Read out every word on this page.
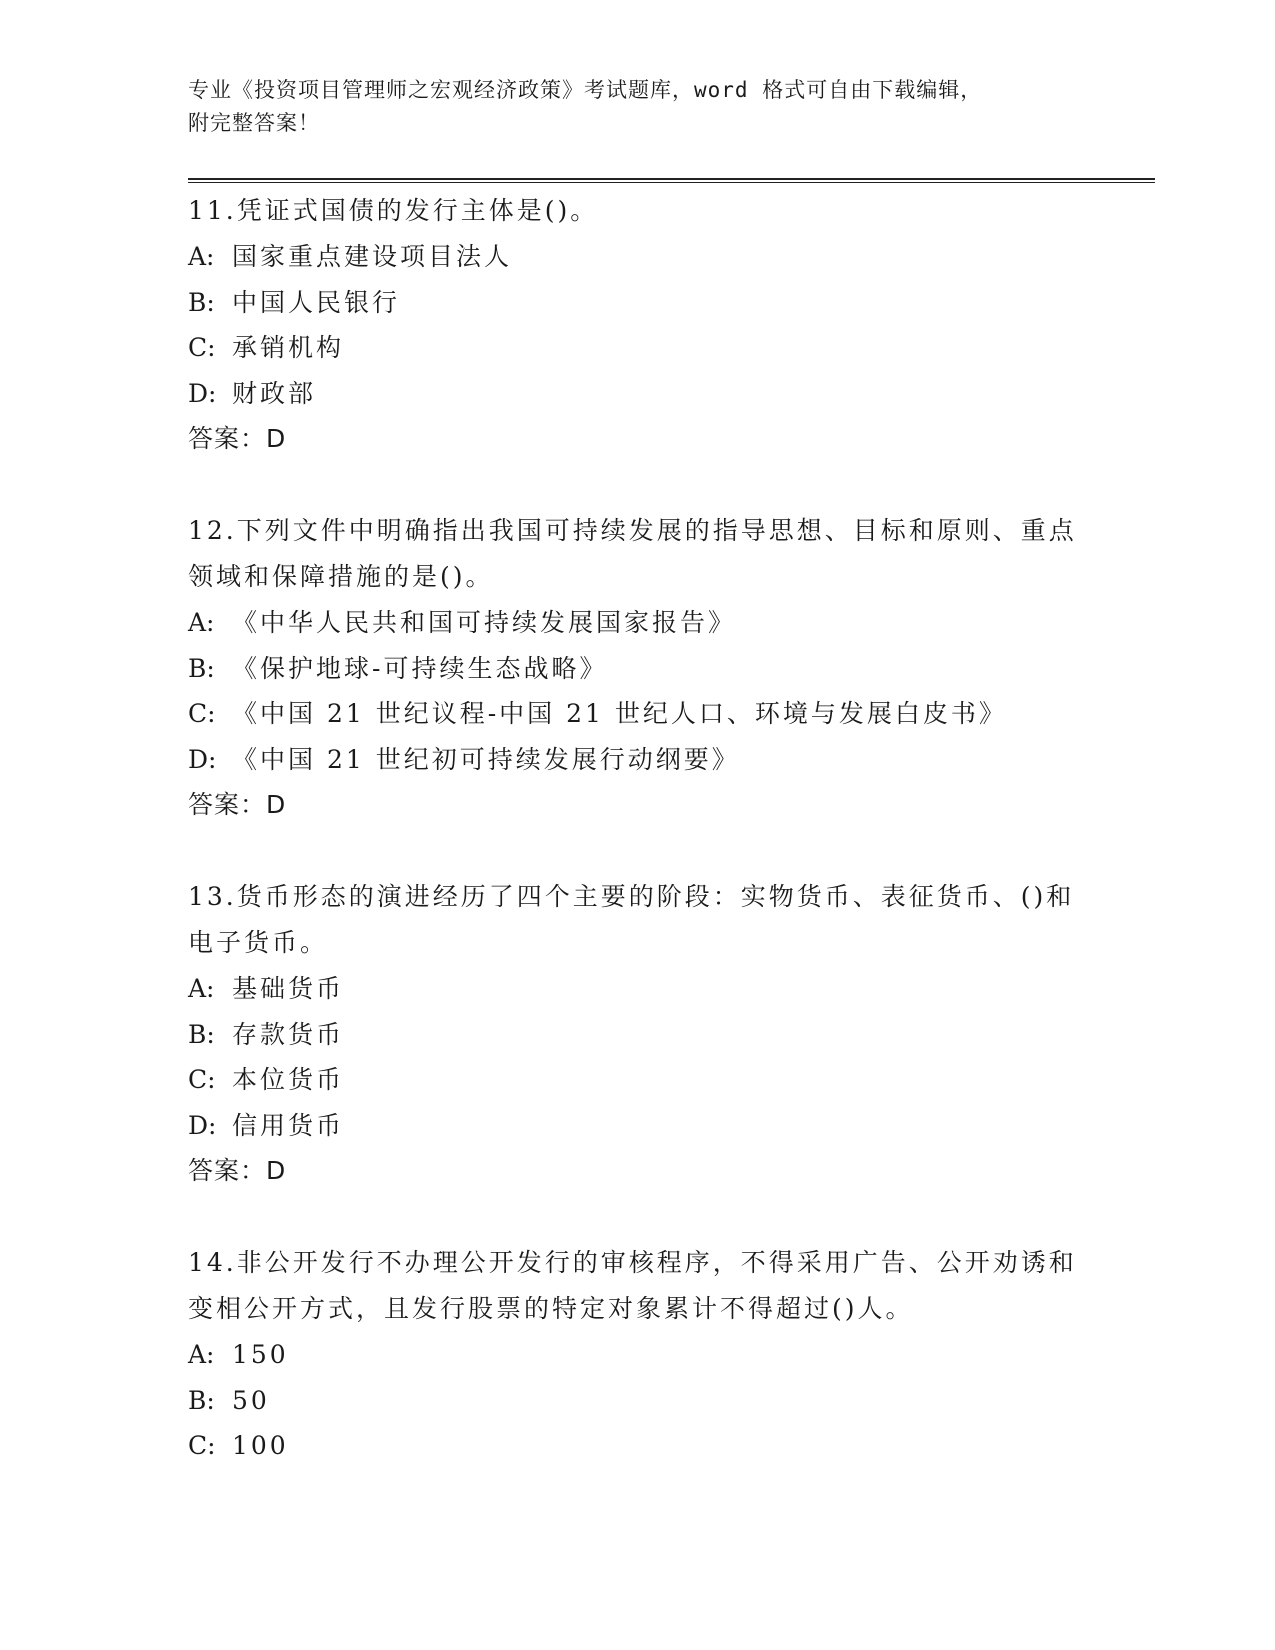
专业《投资项目管理师之宏观经济政策》考试题库，word 格式可自由下载编辑，
附完整答案！

11.凭证式国债的发行主体是()。

A: 国家重点建设项目法人

B: 中国人民银行

C: 承销机构

D: 财政部

答案：D

12.下列文件中明确指出我国可持续发展的指导思想、目标和原则、重点领域和保障措施的是()。

A: 《中华人民共和国可持续发展国家报告》

B: 《保护地球-可持续生态战略》

C: 《中国 21 世纪议程-中国 21 世纪人口、环境与发展白皮书》

D: 《中国 21 世纪初可持续发展行动纲要》

答案：D

13.货币形态的演进经历了四个主要的阶段：实物货币、表征货币、()和电子货币。

A: 基础货币

B: 存款货币

C: 本位货币

D: 信用货币

答案：D

14.非公开发行不办理公开发行的审核程序，不得采用广告、公开劝诱和变相公开方式，且发行股票的特定对象累计不得超过()人。

A: 150

B: 50

C: 100
